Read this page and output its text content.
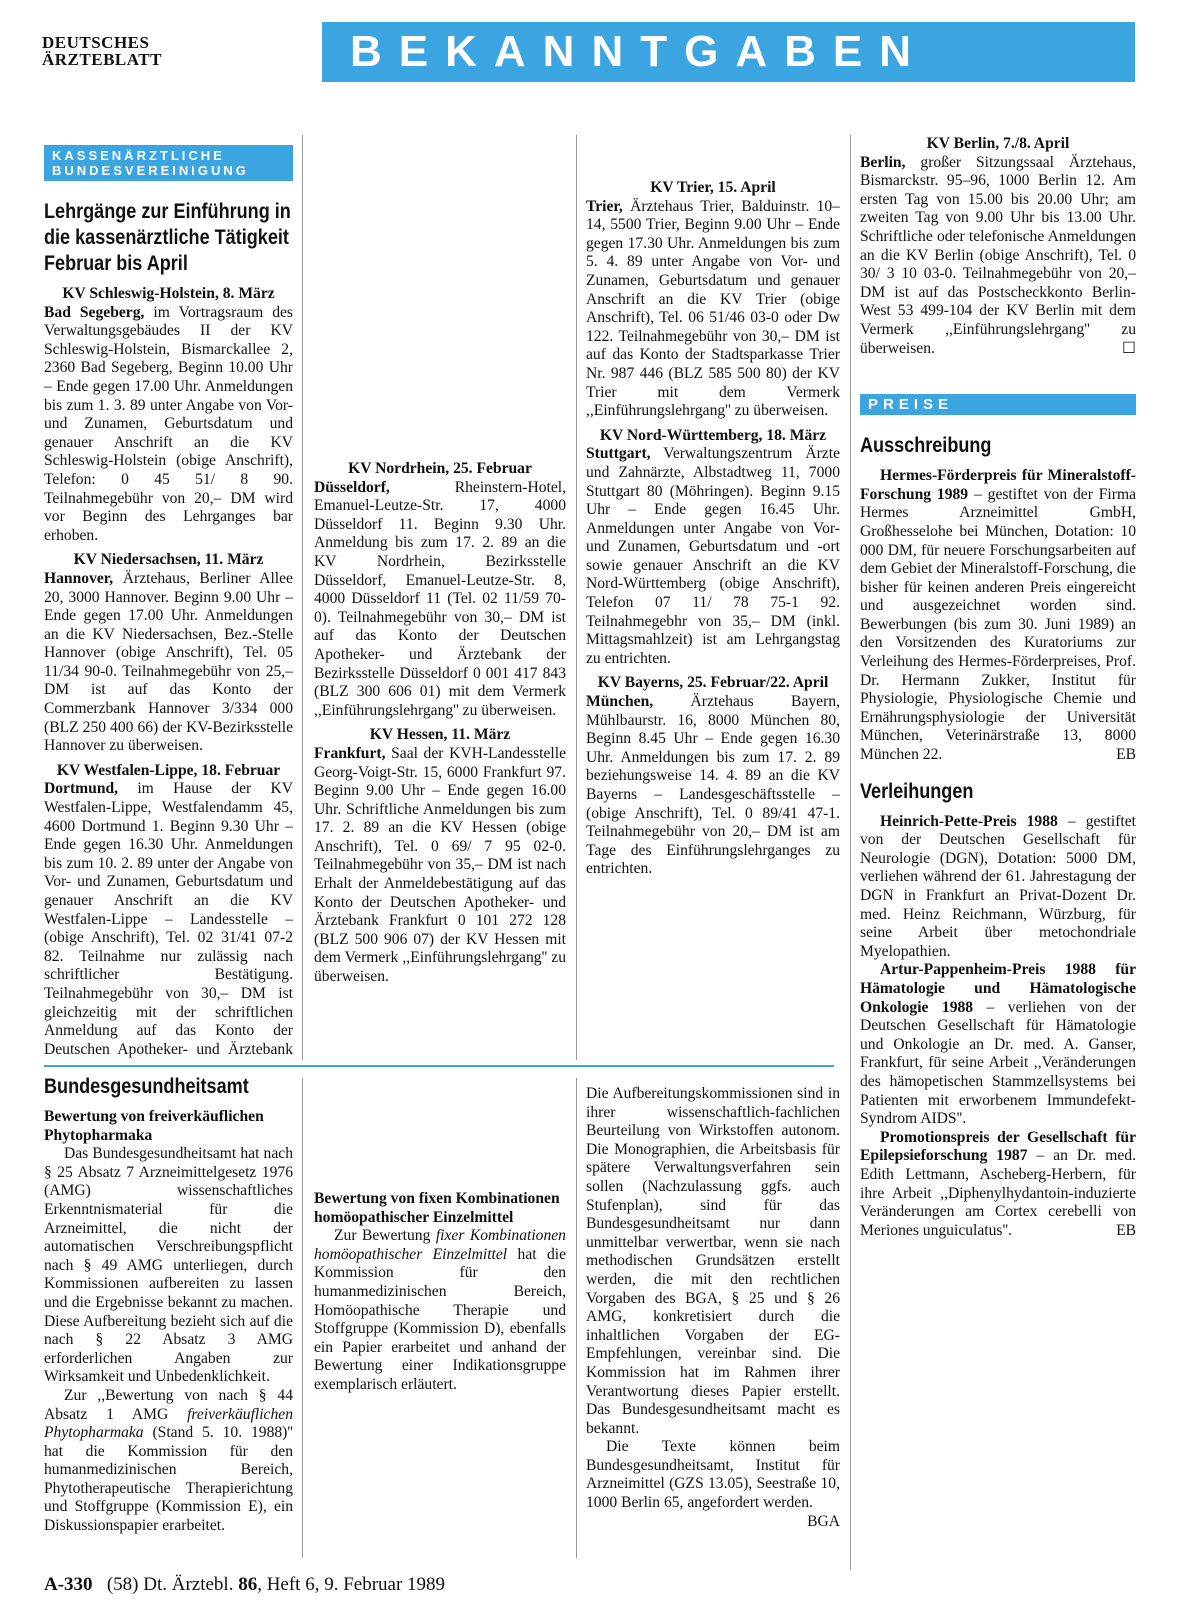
DEUTSCHES
ÄRZTEBLATT	BEKANNTGABEN
KASSENÄRZTLICHE
BUNDESVEREINIGUNG
Lehrgänge zur Einführung in die kassenärztliche Tätigkeit Februar bis April
KV Schleswig-Holstein, 8. März

Bad Segeberg, im Vortragsraum des Verwaltungsgebäudes II der KV Schleswig-Holstein, Bismarckallee 2, 2360 Bad Segeberg, Beginn 10.00 Uhr – Ende gegen 17.00 Uhr. Anmeldungen bis zum 1. 3. 89 unter Angabe von Vor- und Zunamen, Geburtsdatum und genauer Anschrift an die KV Schleswig-Holstein (obige Anschrift), Telefon: 0 45 51/ 8 90. Teilnahmegebühr von 20,– DM wird vor Beginn des Lehrganges bar erhoben.

KV Niedersachsen, 11. März

Hannover, Ärztehaus, Berliner Allee 20, 3000 Hannover. Beginn 9.00 Uhr – Ende gegen 17.00 Uhr. Anmeldungen an die KV Niedersachsen, Bez.-Stelle Hannover (obige Anschrift), Tel. 05 11/34 90-0. Teilnahmegebühr von 25,– DM ist auf das Konto der Commerzbank Hannover 3/334 000 (BLZ 250 400 66) der KV-Bezirksstelle Hannover zu überweisen.

KV Westfalen-Lippe, 18. Februar

Dortmund, im Hause der KV Westfalen-Lippe, Westfalendamm 45, 4600 Dortmund 1. Beginn 9.30 Uhr – Ende gegen 16.30 Uhr. Anmeldungen bis zum 10. 2. 89 unter der Angabe von Vor- und Zunamen, Geburtsdatum und genauer Anschrift an die KV Westfalen-Lippe – Landesstelle – (obige Anschrift), Tel. 02 31/41 07-2 82. Teilnahme nur zulässig nach schriftlicher Bestätigung. Teilnahmegebühr von 30,– DM ist gleichzeitig mit der schriftlichen Anmeldung auf das Konto der Deutschen Apotheker- und Ärztebank

KV Nordrhein, 25. Februar

Düsseldorf,	Rheinstern-Hotel, Emanuel-Leutze-Str. 17, 4000 Düsseldorf 11. Beginn 9.30 Uhr. Anmeldung bis zum 17. 2. 89 an die KV Nordrhein, Bezirksstelle Düsseldorf, Emanuel-Leutze-Str. 8, 4000 Düsseldorf 11 (Tel. 02 11/59 70-0). Teilnahmegebühr von 30,– DM ist auf das Konto der Deutschen Apotheker- und Ärztebank der Bezirksstelle Düsseldorf 0 001 417 843 (BLZ 300 606 01) mit dem Vermerk ,,Einführungslehrgang'' zu überweisen.

KV Hessen, 11. März

Frankfurt, Saal der KVH-Landesstelle Georg-Voigt-Str. 15, 6000 Frankfurt 97. Beginn 9.00 Uhr – Ende gegen 16.00 Uhr. Schriftliche Anmeldungen bis zum 17. 2. 89 an die KV Hessen (obige Anschrift), Tel. 0 69/ 7 95 02-0. Teilnahmegebühr von 35,– DM ist nach Erhalt der Anmeldebestätigung auf das Konto der Deutschen Apotheker- und Ärztebank Frankfurt 0 101 272 128 (BLZ 500 906 07) der KV Hessen mit dem Vermerk ,,Einführungslehrgang'' zu überweisen.

KV Trier, 15. April

Trier, Ärztehaus Trier, Balduinstr. 10–14, 5500 Trier, Beginn 9.00 Uhr – Ende gegen 17.30 Uhr. Anmeldungen bis zum 5. 4. 89 unter Angabe von Vor- und Zunamen, Geburtsdatum und genauer Anschrift an die KV Trier (obige Anschrift), Tel. 06 51/46 03-0 oder Dw 122. Teilnahmegebühr von 30,– DM ist auf das Konto der Stadtsparkasse Trier Nr. 987 446 (BLZ 585 500 80) der KV Trier mit dem Vermerk ,,Einführungslehrgang'' zu überweisen.

KV Nord-Württemberg, 18. März

Stuttgart, Verwaltungszentrum Ärzte und Zahnärzte, Albstadtweg 11, 7000 Stuttgart 80 (Möhringen). Beginn 9.15 Uhr – Ende gegen 16.45 Uhr. Anmeldungen unter Angabe von Vor- und Zunamen, Geburtsdatum und -ort sowie genauer Anschrift an die KV Nord-Württemberg (obige Anschrift), Telefon 07 11/ 78 75-1 92. Teilnahmegebhr von 35,– DM (inkl. Mittagsmahlzeit) ist am Lehrgangstag zu entrichten.

KV Bayerns, 25. Februar/22. April

München, Ärztehaus Bayern, Mühlbaurstr. 16, 8000 München 80, Beginn 8.45 Uhr – Ende gegen 16.30 Uhr. Anmeldungen bis zum 17. 2. 89 beziehungsweise 14. 4. 89 an die KV Bayerns – Landesgeschäftsstelle – (obige Anschrift), Tel. 0 89/41 47-1. Teilnahmegebühr von 20,– DM ist am Tage des Einführungslehrganges zu entrichten.

KV Berlin, 7./8. April

Berlin, großer Sitzungssaal Ärztehaus, Bismarckstr. 95–96, 1000 Berlin 12. Am ersten Tag von 15.00 bis 20.00 Uhr; am zweiten Tag von 9.00 Uhr bis 13.00 Uhr. Schriftliche oder telefonische Anmeldungen an die KV Berlin (obige Anschrift), Tel. 0 30/ 3 10 03-0. Teilnahmegebühr von 20,– DM ist auf das Postscheckkonto Berlin-West 53 499-104 der KV Berlin mit dem Vermerk ,,Einführungslehrgang'' zu überweisen.	☐

PREISE
Ausschreibung

Hermes-Förderpreis für Mineralstoff-Forschung 1989 – gestiftet von der Firma Hermes Arzneimittel GmbH, Großhesselohe bei München, Dotation: 10 000 DM, für neuere Forschungsarbeiten auf dem Gebiet der Mineralstoff-Forschung, die bisher für keinen anderen Preis eingereicht und ausgezeichnet worden sind. Bewerbungen (bis zum 30. Juni 1989) an den Vorsitzenden des Kuratoriums zur Verleihung des Hermes-Förderpreises, Prof. Dr. Hermann Zukker, Institut für Physiologie, Physiologische Chemie und Ernährungsphysiologie der Universität München, Veterinärstraße 13, 8000 München 22.	EB

Verleihungen

Heinrich-Pette-Preis 1988 – gestiftet von der Deutschen Gesellschaft für Neurologie (DGN), Dotation: 5000 DM, verliehen während der 61. Jahrestagung der DGN in Frankfurt an Privat-Dozent Dr. med. Heinz Reichmann, Würzburg, für seine Arbeit über metochondriale Myelopathien.

Artur-Pappenheim-Preis 1988 für Hämatologie und Hämatologische Onkologie 1988 – verliehen von der Deutschen Gesellschaft für Hämatologie und Onkologie an Dr. med. A. Ganser, Frankfurt, für seine Arbeit ,,Veränderungen des hämopetischen Stammzellsystems bei Patienten mit erworbenem Immundefekt-Syndrom AIDS''.

Promotionspreis der Gesellschaft für Epilepsieforschung 1987 – an Dr. med. Edith Lettmann, Ascheberg-Herbern, für ihre Arbeit ,,Diphenylhydantoin-induzierte Veränderungen am Cortex cerebelli von Meriones unguiculatus''.	EB

Bundesgesundheitsamt
Bewertung von freiverkäuflichen Phytopharmaka

Das Bundesgesundheitsamt hat nach § 25 Absatz 7 Arzneimittelgesetz 1976 (AMG) wissenschaftliches Erkenntnismaterial für die Arzneimittel, die nicht der automatischen Verschreibungspflicht nach § 49 AMG unterliegen, durch Kommissionen aufbereiten zu lassen und die Ergebnisse bekannt zu machen. Diese Aufbereitung bezieht sich auf die nach § 22 Absatz 3 AMG erforderlichen Angaben zur Wirksamkeit und Unbedenklichkeit.

Zur ,,Bewertung von nach § 44 Absatz 1 AMG freiverkäuflichen Phytopharmaka (Stand 5. 10. 1988)'' hat die Kommission für den humanmedizinischen Bereich, Phytotherapeutische Therapierichtung und Stoffgruppe (Kommission E), ein Diskussionspapier erarbeitet.

Bewertung von fixen Kombinationen homöopathischer Einzelmittel

Zur Bewertung fixer Kombinationen homöopathischer Einzelmittel hat die Kommission für den humanmedizinischen Bereich, Homöopathische Therapie und Stoffgruppe (Kommission D), ebenfalls ein Papier erarbeitet und anhand der Bewertung einer Indikationsgruppe exemplarisch erläutert.

Die Aufbereitungskommissionen sind in ihrer wissenschaftlich-fachlichen Beurteilung von Wirkstoffen autonom. Die Monographien, die Arbeitsbasis für spätere Verwaltungsverfahren sein sollen (Nachzulassung ggfs. auch Stufenplan), sind für das Bundesgesundheitsamt nur dann unmittelbar verwertbar, wenn sie nach methodischen Grundsätzen erstellt werden, die mit den rechtlichen Vorgaben des BGA, § 25 und § 26 AMG, konkretisiert durch die inhaltlichen Vorgaben der EG-Empfehlungen, vereinbar sind. Die Kommission hat im Rahmen ihrer Verantwortung dieses Papier erstellt. Das Bundesgesundheitsamt macht es bekannt.

Die Texte können beim Bundesgesundheitsamt, Institut für Arzneimittel (GZS 13.05), Seestraße 10, 1000 Berlin 65, angefordert werden.
BGA

A-330 (58) Dt. Ärztebl. 86, Heft 6, 9. Februar 1989
